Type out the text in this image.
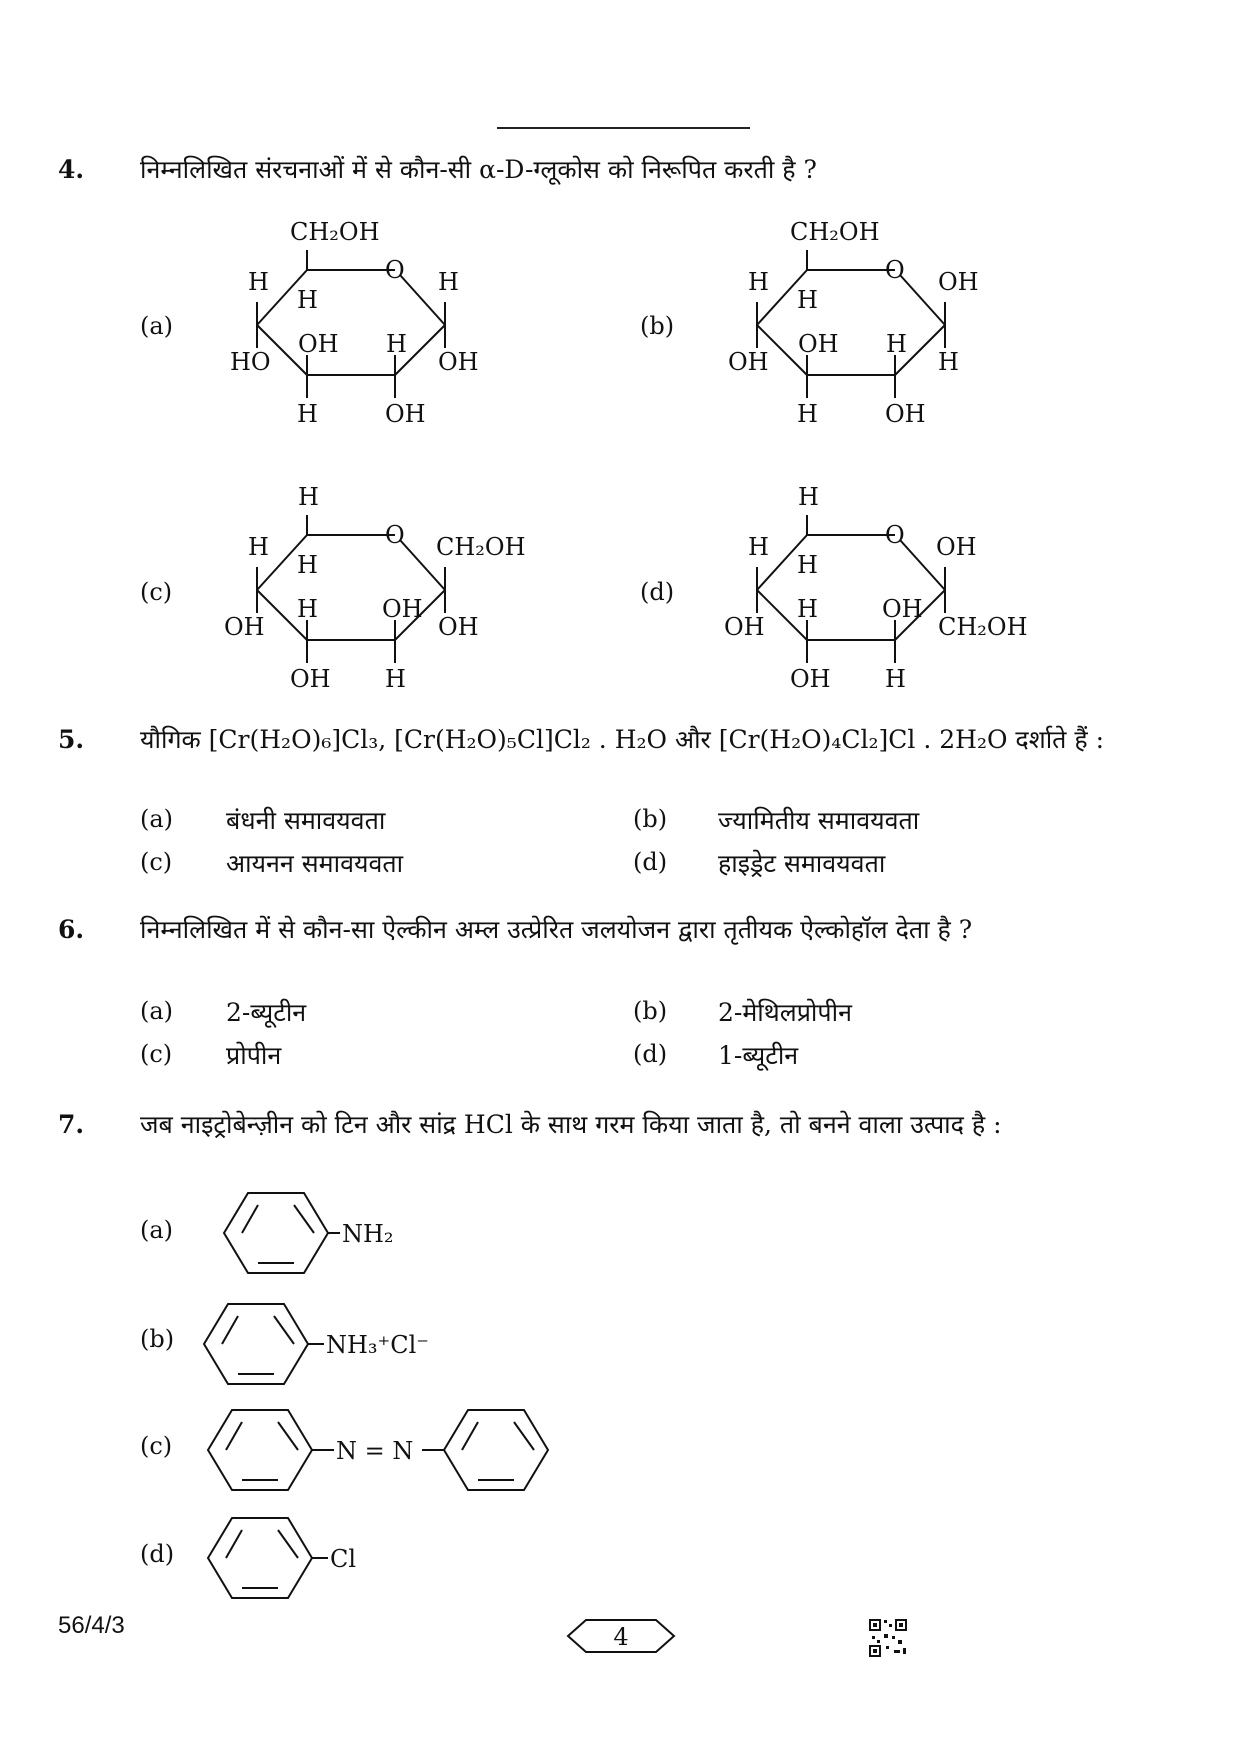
4. निम्नलिखित संरचनाओं में से कौन-सी α-D-ग्लूकोस को निरूपित करती है ?
(a)
CH₂OH
H	O H
H
OH H
HO	OH
H	OH
(b)
CH₂OH
H	O OH
H
OH H
OH	H
H	OH
(c)
H
H	O CH₂OH
H
H	OH
OH	OH
OH H
(d)
H
H	O OH
H
H	OH
OH	CH₂OH
OH H
5. यौगिक [Cr(H₂O)₆]Cl₃, [Cr(H₂O)₅Cl]Cl₂ . H₂O और [Cr(H₂O)₄Cl₂]Cl . 2H₂O दर्शाते हैं :
(a) बंधनी समावयवता	(b) ज्यामितीय समावयवता
(c) आयनन समावयवता	(d) हाइड्रेट समावयवता
6. निम्नलिखित में से कौन-सा ऐल्कीन अम्ल उत्प्रेरित जलयोजन द्वारा तृतीयक ऐल्कोहॉल देता है ?
(a) 2-ब्यूटीन	(b) 2-मेथिलप्रोपीन
(c) प्रोपीन	(d) 1-ब्यूटीन
7. जब नाइट्रोबेन्ज़ीन को टिन और सांद्र HCl के साथ गरम किया जाता है, तो बनने वाला उत्पाद है :
(a)	NH₂
(b)	NH₃⁺Cl⁻
(c)	N = N
(d)	Cl
56/4/3	4
